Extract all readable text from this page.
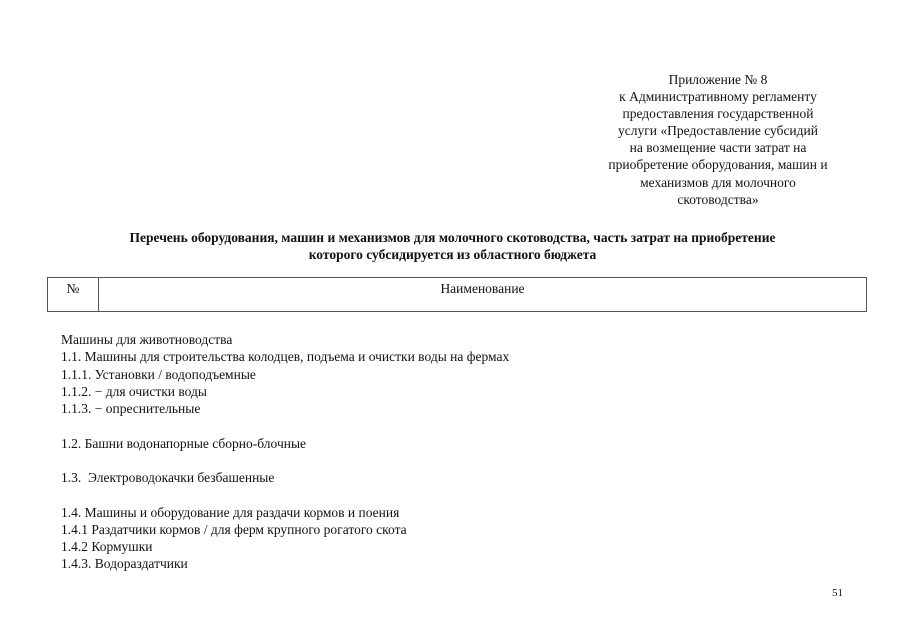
Приложение № 8
к Административному регламенту
предоставления государственной
услуги «Предоставление субсидий
на возмещение части затрат на
приобретение оборудования, машин и
механизмов для молочного
скотоводства»
Перечень оборудования, машин и механизмов для молочного скотоводства, часть затрат на приобретение
которого субсидируется из областного бюджета
№	Наименование
Машины для животноводства
1.1. Машины для строительства колодцев, подъема и очистки воды на фермах
1.1.1. Установки / водоподъемные
1.1.2. − для очистки воды
1.1.3. − опреснительные
1.2. Башни водонапорные сборно-блочные
1.3.  Электроводокачки безбашенные
1.4. Машины и оборудование для раздачи кормов и поения
1.4.1 Раздатчики кормов / для ферм крупного рогатого скота
1.4.2 Кормушки
1.4.3. Водораздатчики
51
